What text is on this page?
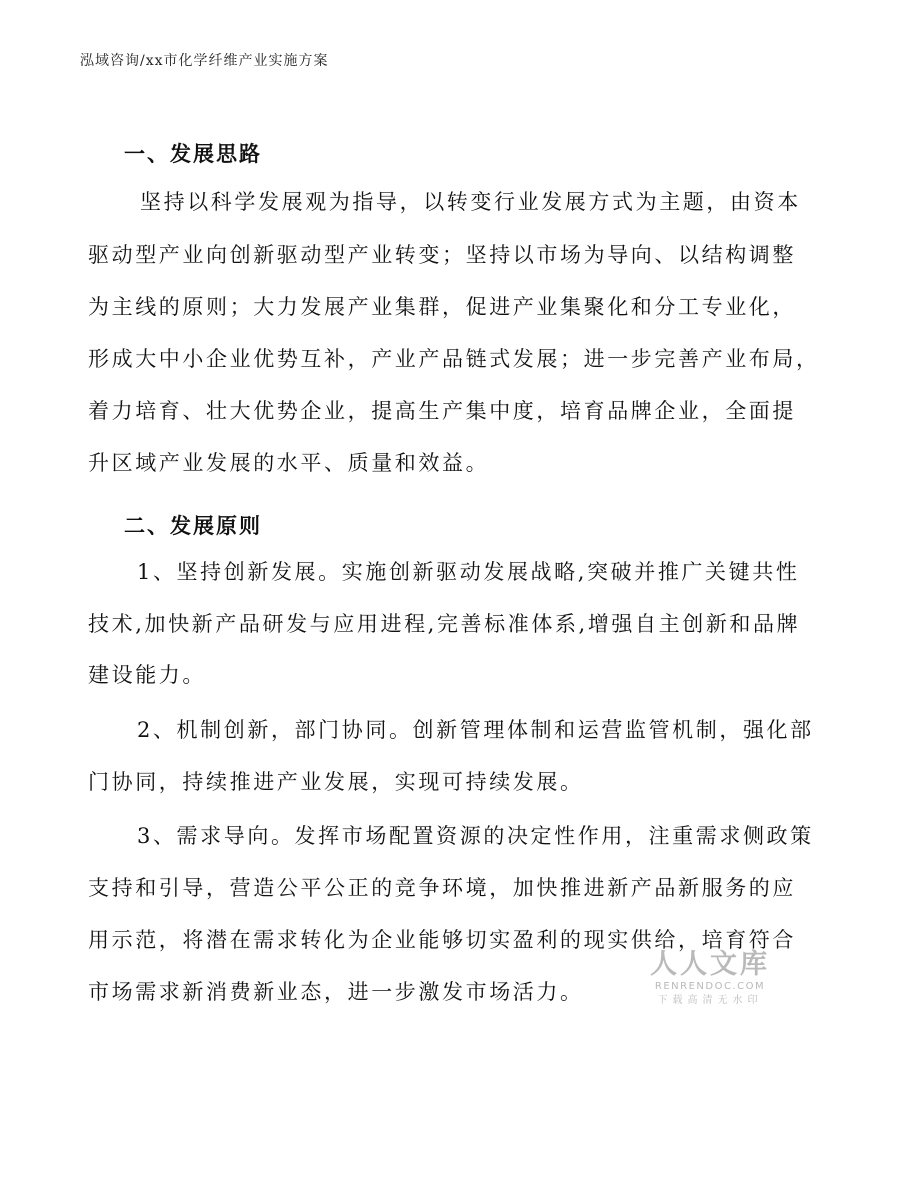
泓域咨询/xx市化学纤维产业实施方案
一、发展思路
坚持以科学发展观为指导，以转变行业发展方式为主题，由资本
驱动型产业向创新驱动型产业转变；坚持以市场为导向、以结构调整
为主线的原则；大力发展产业集群，促进产业集聚化和分工专业化，
形成大中小企业优势互补，产业产品链式发展；进一步完善产业布局，
着力培育、壮大优势企业，提高生产集中度，培育品牌企业，全面提
升区域产业发展的水平、质量和效益。
二、发展原则
1、坚持创新发展。实施创新驱动发展战略,突破并推广关键共性
技术,加快新产品研发与应用进程,完善标准体系,增强自主创新和品牌
建设能力。
2、机制创新，部门协同。创新管理体制和运营监管机制，强化部
门协同，持续推进产业发展，实现可持续发展。
3、需求导向。发挥市场配置资源的决定性作用，注重需求侧政策
支持和引导，营造公平公正的竞争环境，加快推进新产品新服务的应
用示范，将潜在需求转化为企业能够切实盈利的现实供给，培育符合
市场需求新消费新业态，进一步激发市场活力。
人人文库
RENRENDOC.COM
下载高清无水印
